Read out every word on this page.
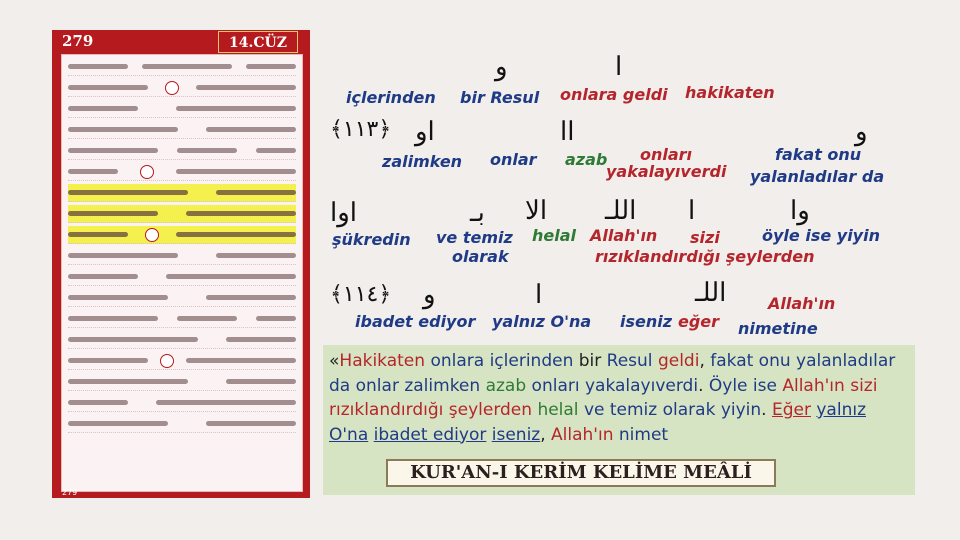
279	14.CÜZ
279
و	ا
içlerinden bir Resul onlara geldi hakikaten
﴿١١٣﴾ او	اا	و
zalimken onlar azab onları
yakalayıverdi
fakat onu
yalanladılar da
اوا	بـ الا اللـ ا	وا
şükredin ve temiz
olarak
helal Allah'ın sizi
rızıklandırdığı şeylerden
öyle ise yiyin
﴿١١٤﴾ و	ا	اللـ
ibadet ediyor yalnız O'na iseniz eğer
Allah'ın
nimetine

«Hakikaten onlara içlerinden bir Resul geldi, fakat onu yalanladılar da onlar zalimken azab onları yakalayıverdi. Öyle ise Allah'ın sizi rızıklandırdığı şeylerden helal ve temiz olarak yiyin. Eğer yalnız O'na ibadet ediyor iseniz, Allah'ın nimet

KUR'AN-I KERİM KELİME MEÂLİ
